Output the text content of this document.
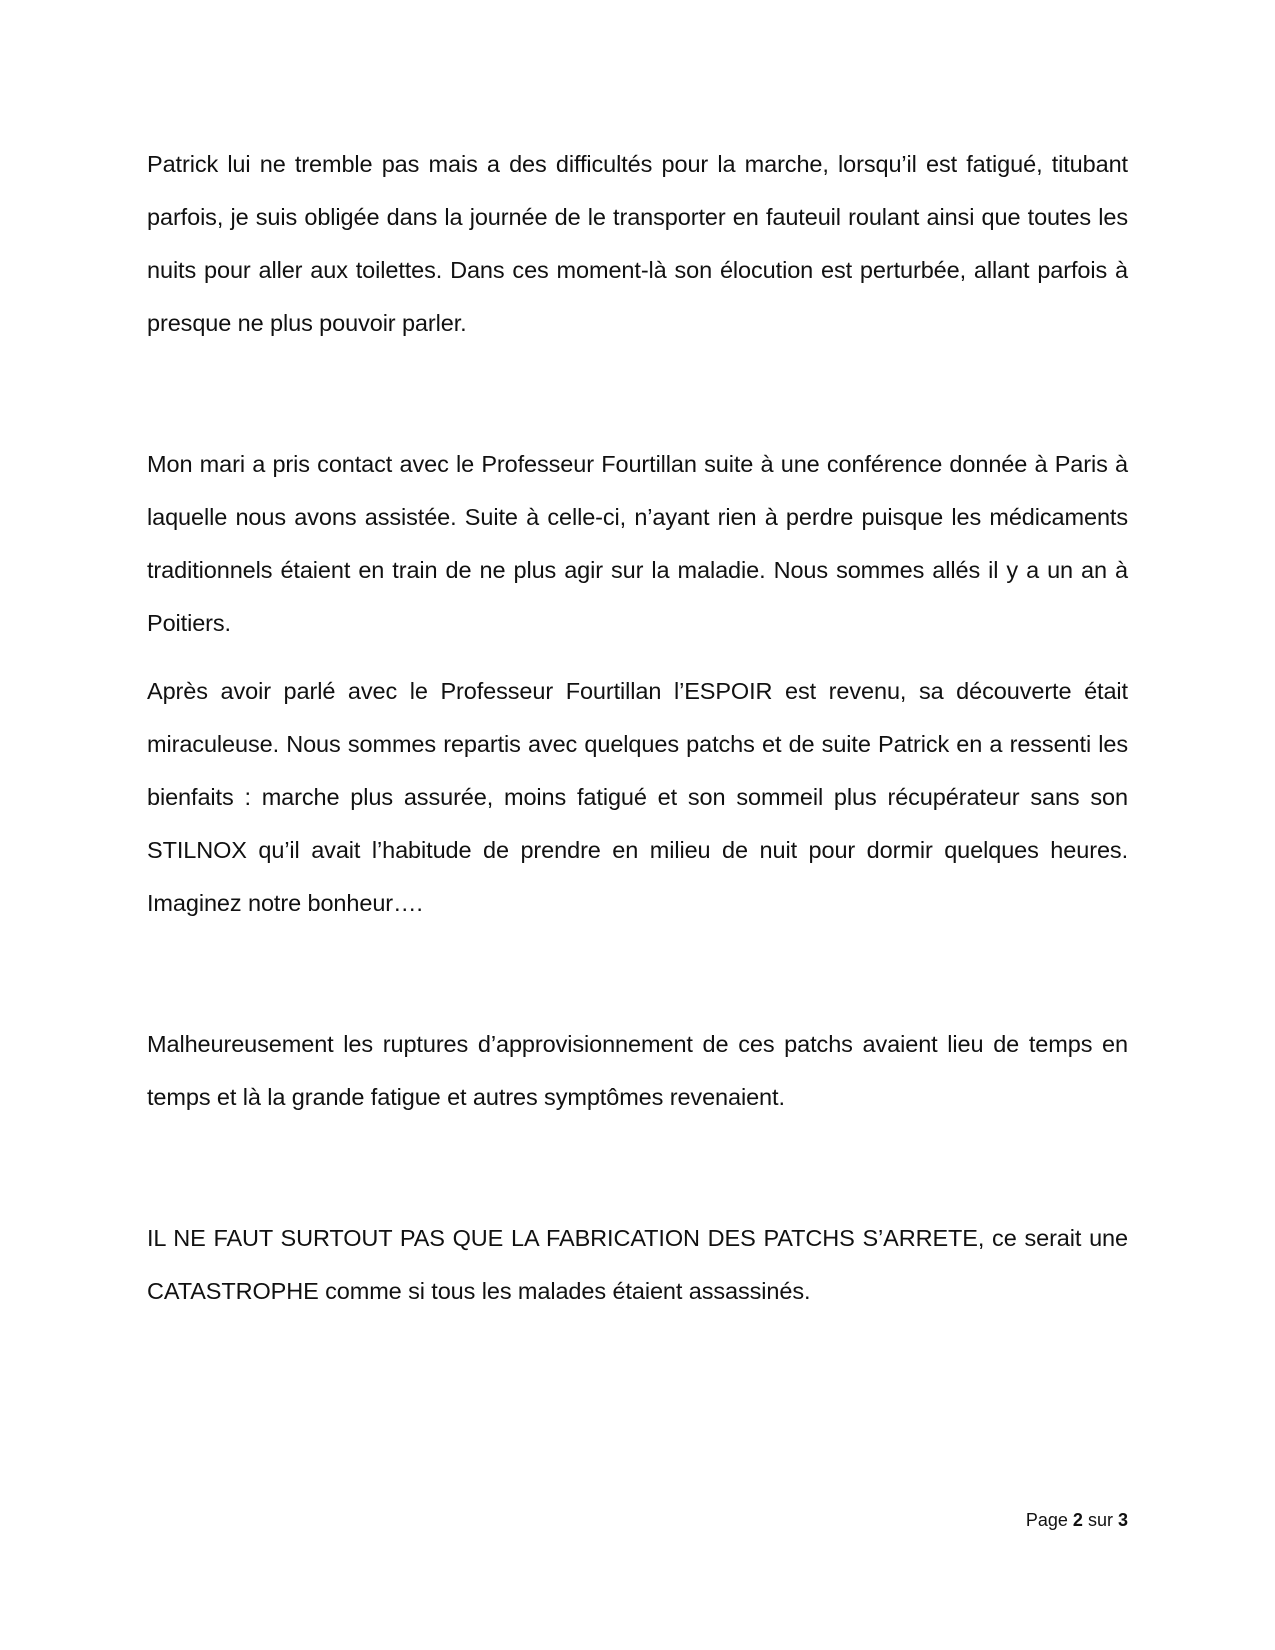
Patrick lui ne tremble pas mais a des difficultés pour la marche, lorsqu’il est fatigué, titubant parfois, je suis obligée dans la journée de le transporter en fauteuil roulant ainsi que toutes les nuits pour aller aux toilettes. Dans ces moment-là son élocution est perturbée, allant parfois à presque ne plus pouvoir parler.

Mon mari a pris contact avec le Professeur Fourtillan suite à une conférence donnée à Paris à laquelle nous avons assistée. Suite à celle-ci, n’ayant rien à perdre puisque les médicaments traditionnels étaient en train de ne plus agir sur la maladie. Nous sommes allés il y a un an à Poitiers.

Après avoir parlé avec le Professeur Fourtillan l’ESPOIR est revenu, sa découverte était miraculeuse. Nous sommes repartis avec quelques patchs et de suite Patrick en a ressenti les bienfaits : marche plus assurée, moins fatigué et son sommeil plus récupérateur sans son STILNOX qu’il avait l’habitude de prendre en milieu de nuit pour dormir quelques heures. Imaginez notre bonheur….

Malheureusement les ruptures d’approvisionnement de ces patchs avaient lieu de temps en temps et là la grande fatigue et autres symptômes revenaient.

IL NE FAUT SURTOUT PAS QUE LA FABRICATION DES PATCHS S’ARRETE, ce serait une CATASTROPHE comme si tous les malades étaient assassinés.

Page 2 sur 3
